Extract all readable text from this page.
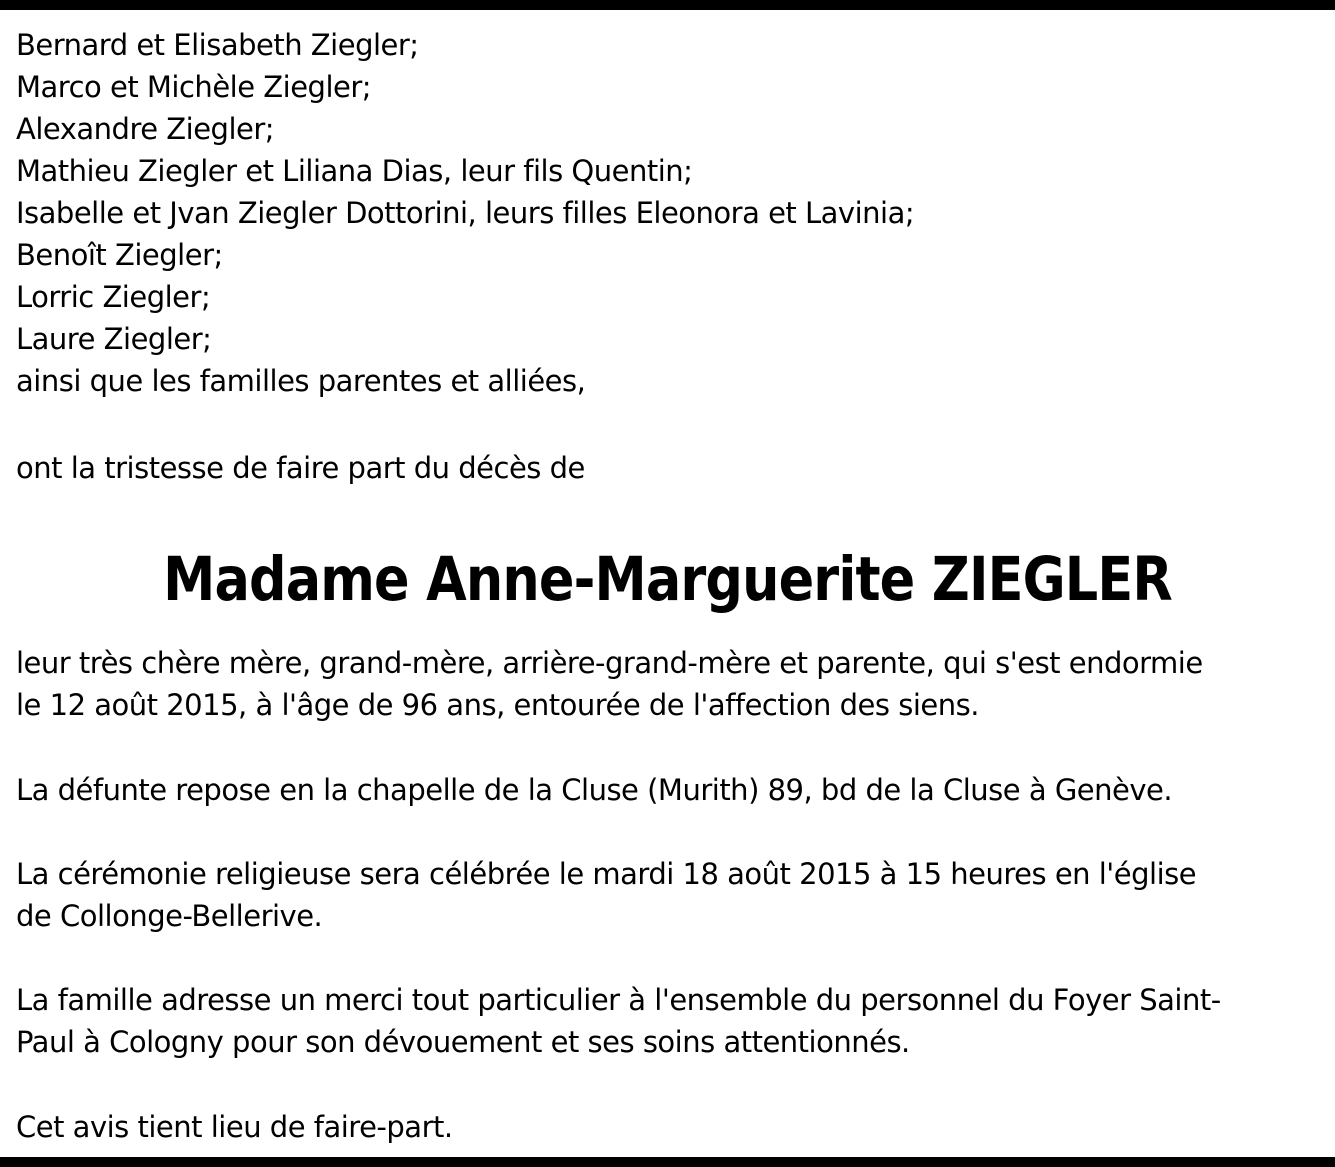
Bernard et Elisabeth Ziegler;
Marco et Michèle Ziegler;
Alexandre Ziegler;
Mathieu Ziegler et Liliana Dias, leur fils Quentin;
Isabelle et Jvan Ziegler Dottorini, leurs filles Eleonora et Lavinia;
Benoît Ziegler;
Lorric Ziegler;
Laure Ziegler;
ainsi que les familles parentes et alliées,

ont la tristesse de faire part du décès de

Madame Anne-Marguerite ZIEGLER

leur très chère mère, grand-mère, arrière-grand-mère et parente, qui s'est endormie

le 12 août 2015, à l'âge de 96 ans, entourée de l'affection des siens.

La défunte repose en la chapelle de la Cluse (Murith) 89, bd de la Cluse à Genève.

La cérémonie religieuse sera célébrée le mardi 18 août 2015 à 15 heures en l'église

de Collonge-Bellerive.

La famille adresse un merci tout particulier à l'ensemble du personnel du Foyer Saint-

Paul à Cologny pour son dévouement et ses soins attentionnés.

Cet avis tient lieu de faire-part.
